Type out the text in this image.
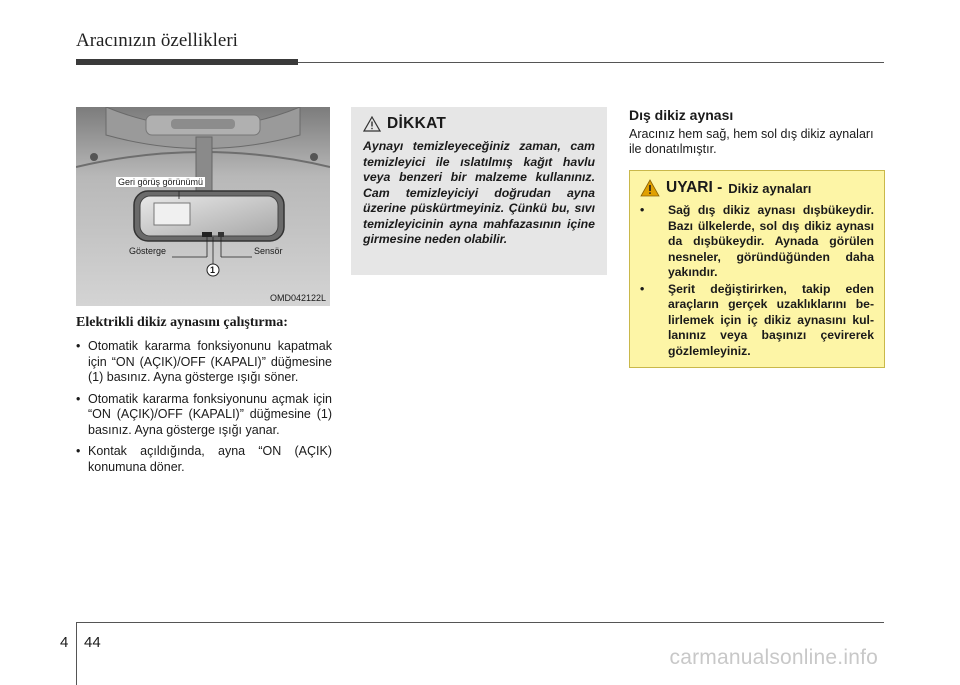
Aracınızın özellikleri
Geri görüş görünümü
Gösterge	Sensör
1
OMD042122L
Elektrikli dikiz aynasını çalıştırma:
• Otomatik kararma fonksiyonunu kapatmak için “ON (AÇIK)/OFF (KAPALI)” düğmesine (1) basınız. Ayna gösterge ışığı söner.
• Otomatik kararma fonksiyonunu açmak için “ON (AÇIK)/OFF (KAPALI)” düğmesine (1) basınız. Ayna gösterge ışığı yanar.
• Kontak açıldığında, ayna “ON (AÇIK) konumuna döner.
DİKKAT

Aynayı temizleyeceğiniz zaman, cam temizleyici ile ıslatılmış kağıt havlu veya benzeri bir malzeme kullanınız. Cam temizleyiciyi doğrudan ayna üzerine püskürtmeyiniz. Çünkü bu, sıvı temizleyicinin ayna mahfazasının içine girmesine neden olabilir.

Dış dikiz aynası

Aracınız hem sağ, hem sol dış dikiz aynaları ile donatılmıştır.

UYARI - Dikiz aynaları
• Sağ dış dikiz aynası dışbükeydir. Bazı ülkelerde, sol dış dikiz aynası da dışbükeydir. Aynada görülen nesneler, göründüğünden daha yakındır.
• Şerit değiştirirken, takip eden araçların gerçek uzaklıklarını belirlemek için iç dikiz aynasını kullanınız veya başınızı çevirerek gözlemleyiniz.
4 44
carmanualsonline.info
